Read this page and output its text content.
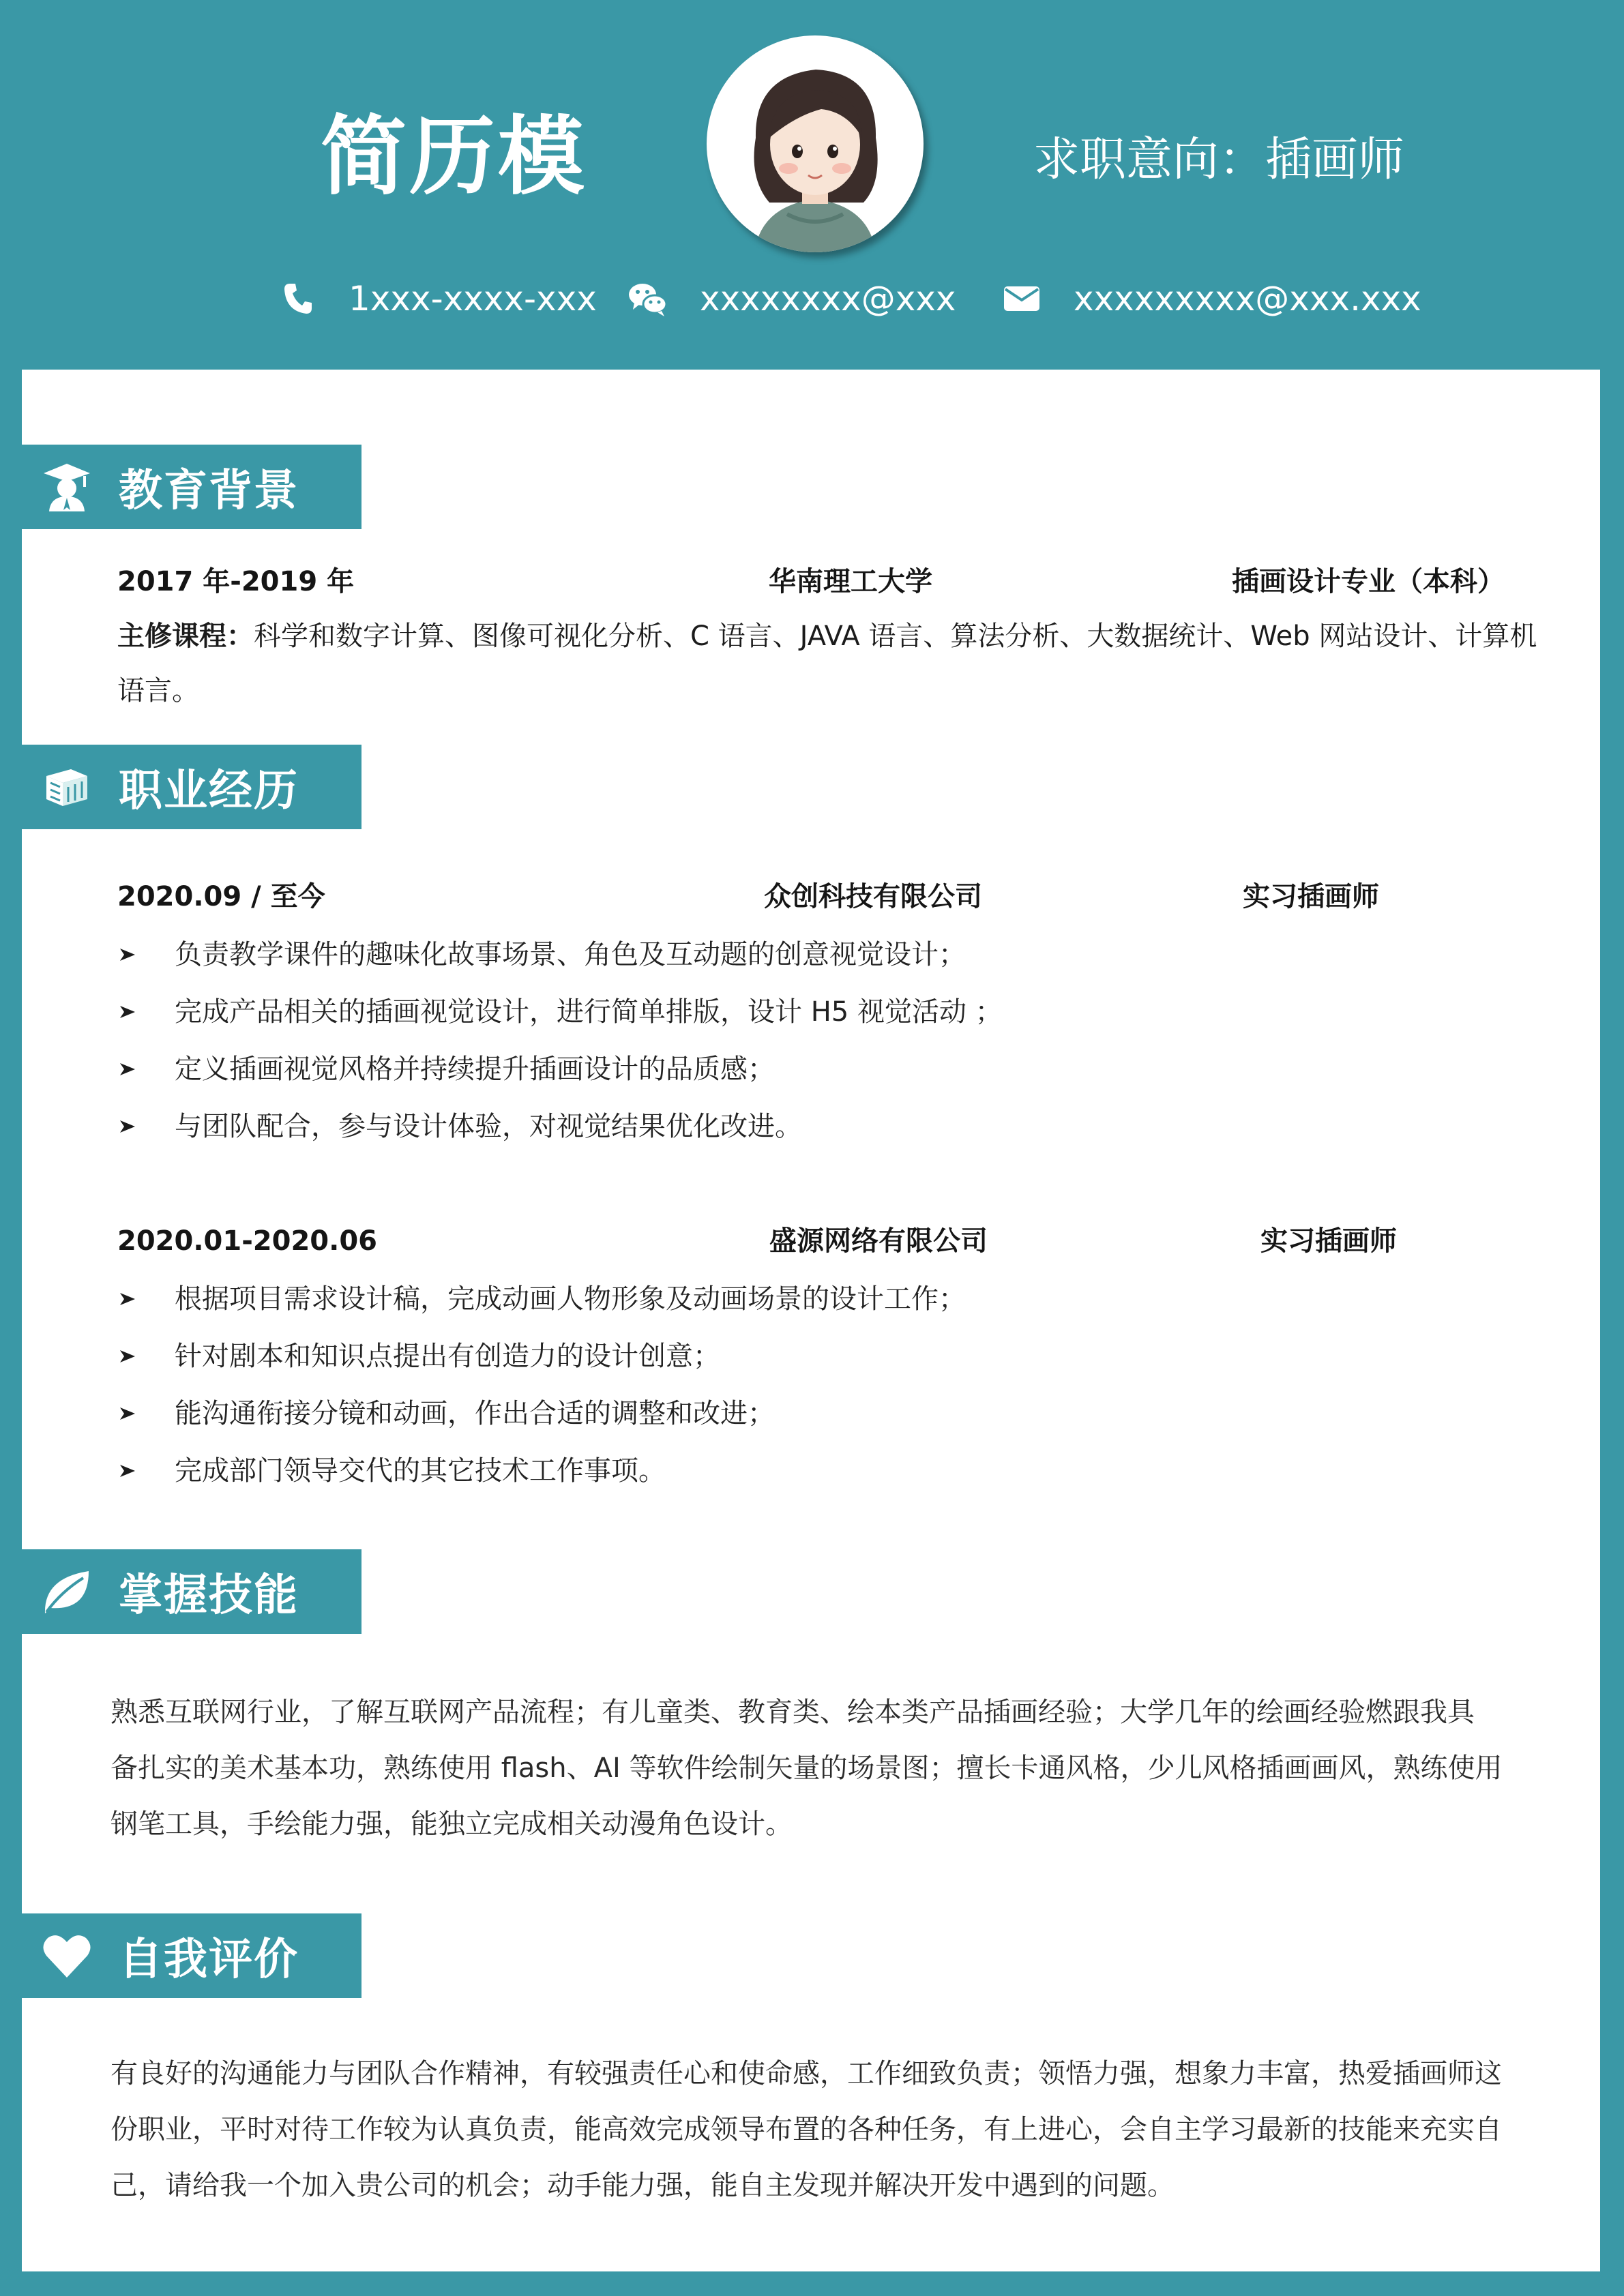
简历模	求职意向：插画师
1xxx-xxxx-xxx	xxxxxxxx@xxx	xxxxxxxxx@xxx.xxx
教育背景
2017 年-2019 年	华南理工大学	插画设计专业（本科）
主修课程：科学和数字计算、图像可视化分析、C 语言、JAVA 语言、算法分析、大数据统计、Web 网站设计、计算机
语言。
职业经历
2020.09 / 至今	众创科技有限公司	实习插画师
负责教学课件的趣味化故事场景、角色及互动题的创意视觉设计；
完成产品相关的插画视觉设计，进行简单排版，设计 H5 视觉活动 ；
定义插画视觉风格并持续提升插画设计的品质感；
与团队配合，参与设计体验，对视觉结果优化改进。
2020.01-2020.06	盛源网络有限公司	实习插画师
根据项目需求设计稿，完成动画人物形象及动画场景的设计工作；
针对剧本和知识点提出有创造力的设计创意；
能沟通衔接分镜和动画，作出合适的调整和改进；
完成部门领导交代的其它技术工作事项。
掌握技能
熟悉互联网行业，了解互联网产品流程；有儿童类、教育类、绘本类产品插画经验；大学几年的绘画经验燃跟我具
备扎实的美术基本功，熟练使用 flash、AI 等软件绘制矢量的场景图；擅长卡通风格，少儿风格插画画风，熟练使用
钢笔工具，手绘能力强，能独立完成相关动漫角色设计。
自我评价
有良好的沟通能力与团队合作精神，有较强责任心和使命感，工作细致负责；领悟力强，想象力丰富，热爱插画师这
份职业，平时对待工作较为认真负责，能高效完成领导布置的各种任务，有上进心，会自主学习最新的技能来充实自
己，请给我一个加入贵公司的机会；动手能力强，能自主发现并解决开发中遇到的问题。
